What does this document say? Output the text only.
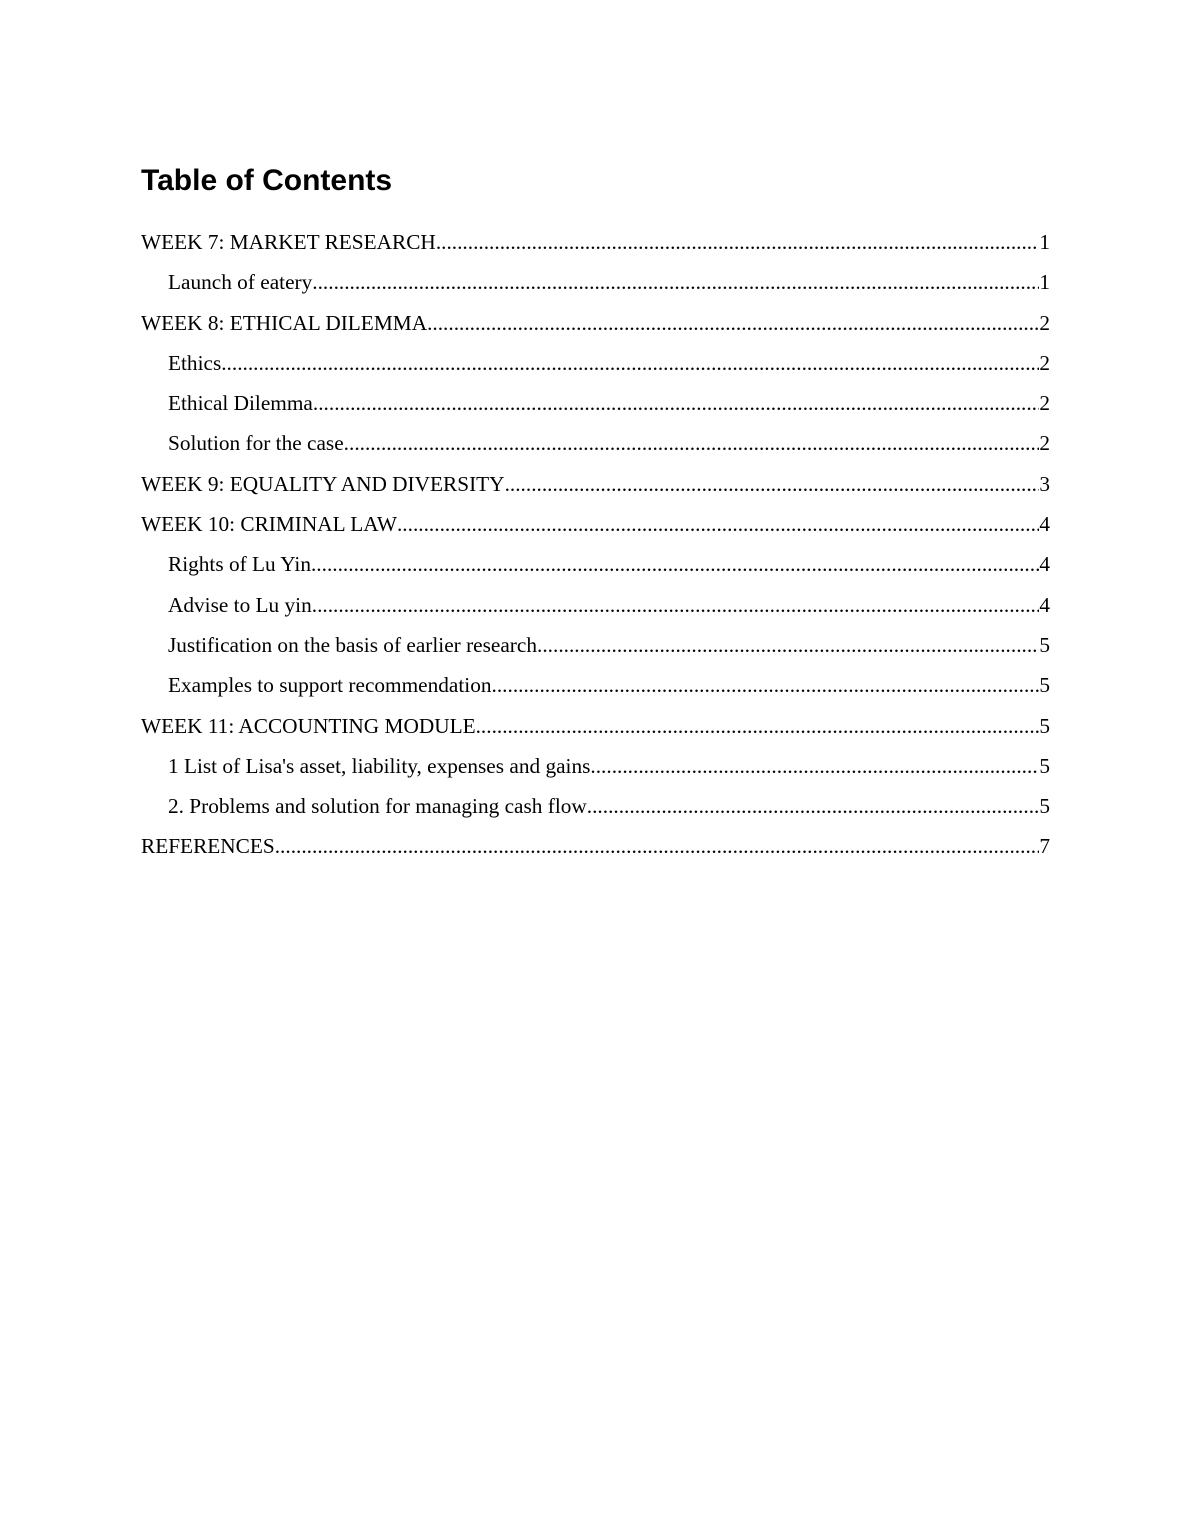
Table of Contents
WEEK 7: MARKET RESEARCH .....	1
Launch of eatery .....	1
WEEK 8: ETHICAL DILEMMA .....	2
Ethics .....	2
Ethical Dilemma .....	2
Solution for the case .....	2
WEEK 9: EQUALITY AND DIVERSITY .....	3
WEEK 10: CRIMINAL LAW .....	4
Rights of Lu Yin .....	4
Advise to Lu yin .....	4
Justification on the basis of earlier research .....	5
Examples to support recommendation .....	5
WEEK 11: ACCOUNTING MODULE .....	5
1 List of Lisa's asset, liability, expenses and gains .....	5
2. Problems and solution for managing cash flow .....	5
REFERENCES .....	7
